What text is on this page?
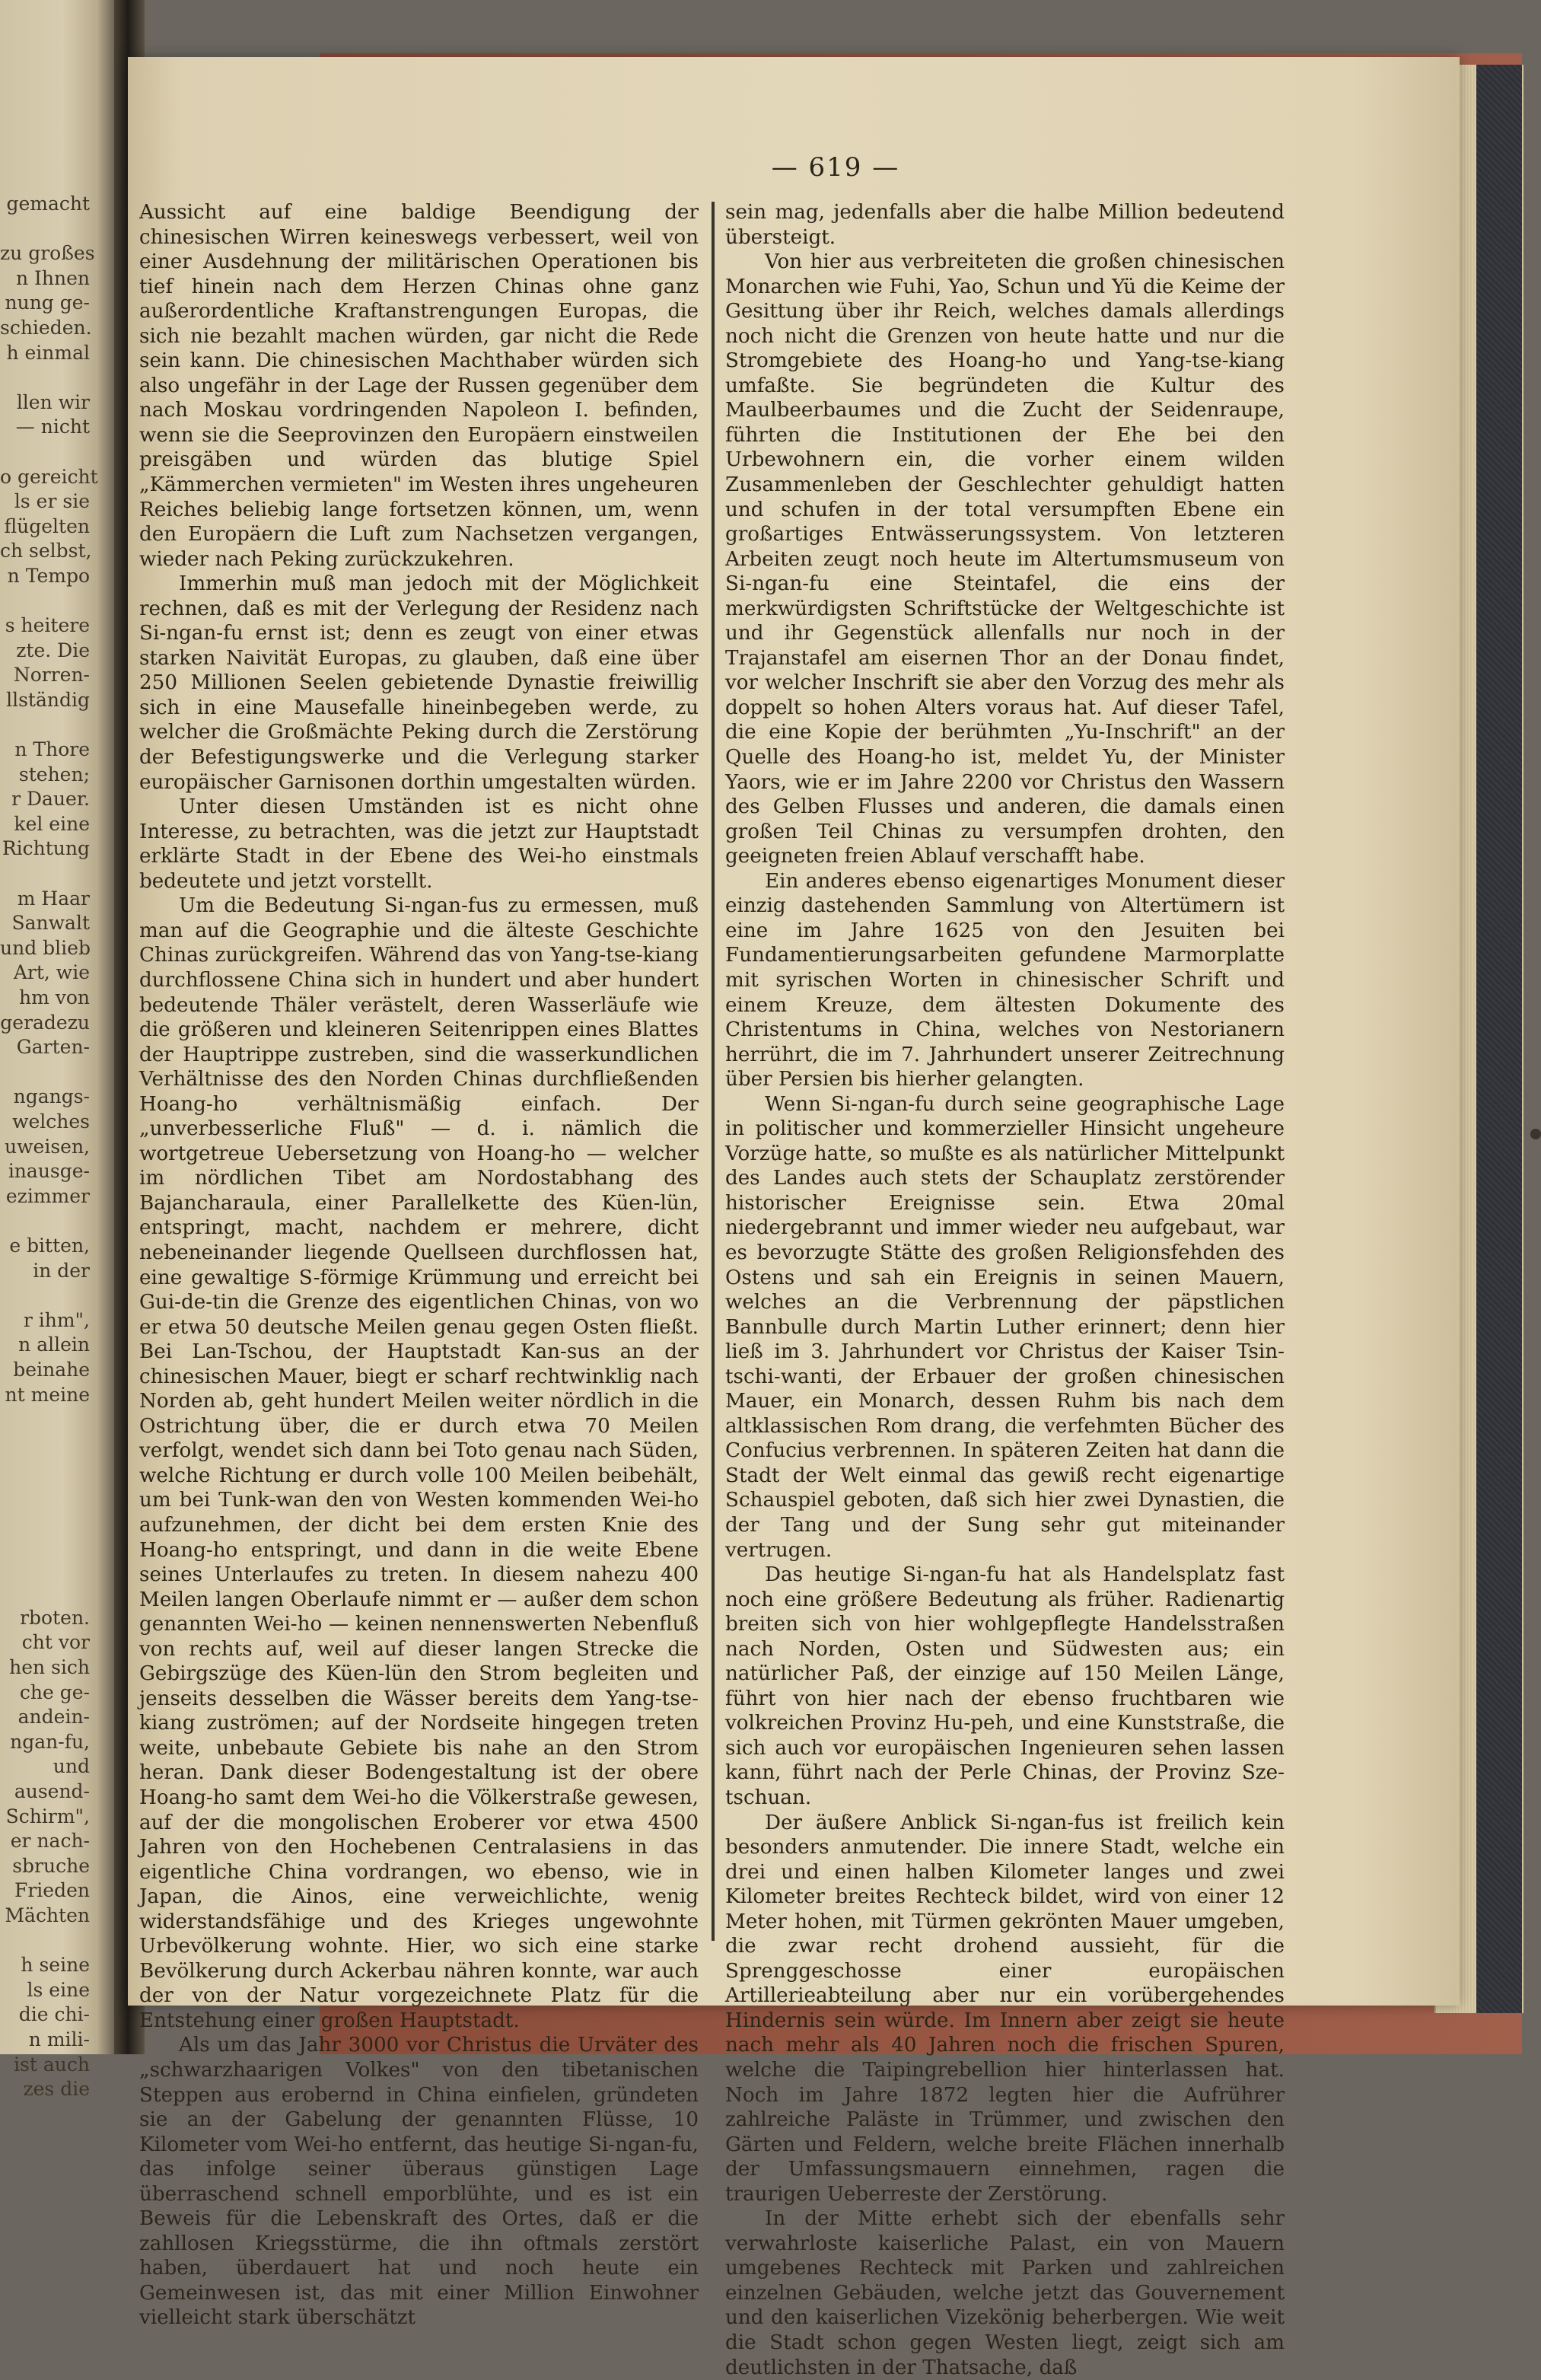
gemacht
zu großes
n Ihnen
nung ge-
schieden.
h einmal
llen wir
— nicht
o gereicht
ls er sie
flügelten
ch selbst,
n Tempo
s heitere
zte. Die
Norren-
llständig
n Thore
stehen;
r Dauer.
kel eine
Richtung
m Haar
Sanwalt
und blieb
Art, wie
hm von
geradezu
Garten-
ngangs-
welches
uweisen,
inausge-
ezimmer
e bitten,
in der
r ihm",
n allein
beinahe
nt meine
rboten.
cht vor
hen sich
che ge-
andein-
ngan-fu,
und
ausend-
Schirm",
er nach-
sbruche
Frieden
Mächten
h seine
ls eine
die chi-
n mili-
ist auch
zes die
— 619 —

Aussicht auf eine baldige Beendigung der chinesischen Wirren keineswegs verbessert, weil von einer Ausdehnung der militärischen Operationen bis tief hinein nach dem Herzen Chinas ohne ganz außerordentliche Kraftanstrengungen Europas, die sich nie bezahlt machen würden, gar nicht die Rede sein kann. Die chinesischen Machthaber würden sich also ungefähr in der Lage der Russen gegenüber dem nach Moskau vordringenden Napoleon I. befinden, wenn sie die Seeprovinzen den Europäern einstweilen preisgäben und würden das blutige Spiel „Kämmerchen vermieten" im Westen ihres ungeheuren Reiches beliebig lange fortsetzen können, um, wenn den Europäern die Luft zum Nachsetzen vergangen, wieder nach Peking zurückzukehren.

Immerhin muß man jedoch mit der Möglichkeit rechnen, daß es mit der Verlegung der Residenz nach Si-ngan-fu ernst ist; denn es zeugt von einer etwas starken Naivität Europas, zu glauben, daß eine über 250 Millionen Seelen gebietende Dynastie freiwillig sich in eine Mausefalle hineinbegeben werde, zu welcher die Großmächte Peking durch die Zerstörung der Befestigungswerke und die Verlegung starker europäischer Garnisonen dorthin umgestalten würden.

Unter diesen Umständen ist es nicht ohne Interesse, zu betrachten, was die jetzt zur Hauptstadt erklärte Stadt in der Ebene des Wei-ho einstmals bedeutete und jetzt vorstellt.

Um die Bedeutung Si-ngan-fus zu ermessen, muß man auf die Geographie und die älteste Geschichte Chinas zurückgreifen. Während das von Yang-tse-kiang durchflossene China sich in hundert und aber hundert bedeutende Thäler verästelt, deren Wasserläufe wie die größeren und kleineren Seitenrippen eines Blattes der Hauptrippe zustreben, sind die wasserkundlichen Verhältnisse des den Norden Chinas durchfließenden Hoang-ho verhältnismäßig einfach. Der „unverbesserliche Fluß" — d. i. nämlich die wortgetreue Uebersetzung von Hoang-ho — welcher im nördlichen Tibet am Nordostabhang des Bajancharaula, einer Parallelkette des Küen-lün, entspringt, macht, nachdem er mehrere, dicht nebeneinander liegende Quellseen durchflossen hat, eine gewaltige S-förmige Krümmung und erreicht bei Gui-de-tin die Grenze des eigentlichen Chinas, von wo er etwa 50 deutsche Meilen genau gegen Osten fließt. Bei Lan-Tschou, der Hauptstadt Kan-sus an der chinesischen Mauer, biegt er scharf rechtwinklig nach Norden ab, geht hundert Meilen weiter nördlich in die Ostrichtung über, die er durch etwa 70 Meilen verfolgt, wendet sich dann bei Toto genau nach Süden, welche Richtung er durch volle 100 Meilen beibehält, um bei Tunk-wan den von Westen kommenden Wei-ho aufzunehmen, der dicht bei dem ersten Knie des Hoang-ho entspringt, und dann in die weite Ebene seines Unterlaufes zu treten. In diesem nahezu 400 Meilen langen Oberlaufe nimmt er — außer dem schon genannten Wei-ho — keinen nennenswerten Nebenfluß von rechts auf, weil auf dieser langen Strecke die Gebirgszüge des Küen-lün den Strom begleiten und jenseits desselben die Wässer bereits dem Yang-tse-kiang zuströmen; auf der Nordseite hingegen treten weite, unbebaute Gebiete bis nahe an den Strom heran. Dank dieser Bodengestaltung ist der obere Hoang-ho samt dem Wei-ho die Völkerstraße gewesen, auf der die mongolischen Eroberer vor etwa 4500 Jahren von den Hochebenen Centralasiens in das eigentliche China vordrangen, wo ebenso, wie in Japan, die Ainos, eine verweichlichte, wenig widerstandsfähige und des Krieges ungewohnte Urbevölkerung wohnte. Hier, wo sich eine starke Bevölkerung durch Ackerbau nähren konnte, war auch der von der Natur vorgezeichnete Platz für die Entstehung einer großen Hauptstadt.

Als um das Jahr 3000 vor Christus die Urväter des „schwarzhaarigen Volkes" von den tibetanischen Steppen aus erobernd in China einfielen, gründeten sie an der Gabelung der genannten Flüsse, 10 Kilometer vom Wei-ho entfernt, das heutige Si-ngan-fu, das infolge seiner überaus günstigen Lage überraschend schnell emporblühte, und es ist ein Beweis für die Lebenskraft des Ortes, daß er die zahllosen Kriegsstürme, die ihn oftmals zerstört haben, überdauert hat und noch heute ein Gemeinwesen ist, das mit einer Million Einwohner vielleicht stark überschätzt

sein mag, jedenfalls aber die halbe Million bedeutend übersteigt.

Von hier aus verbreiteten die großen chinesischen Monarchen wie Fuhi, Yao, Schun und Yü die Keime der Gesittung über ihr Reich, welches damals allerdings noch nicht die Grenzen von heute hatte und nur die Stromgebiete des Hoang-ho und Yang-tse-kiang umfaßte. Sie begründeten die Kultur des Maulbeerbaumes und die Zucht der Seidenraupe, führten die Institutionen der Ehe bei den Urbewohnern ein, die vorher einem wilden Zusammenleben der Geschlechter gehuldigt hatten und schufen in der total versumpften Ebene ein großartiges Entwässerungssystem. Von letzteren Arbeiten zeugt noch heute im Altertumsmuseum von Si-ngan-fu eine Steintafel, die eins der merkwürdigsten Schriftstücke der Weltgeschichte ist und ihr Gegenstück allenfalls nur noch in der Trajanstafel am eisernen Thor an der Donau findet, vor welcher Inschrift sie aber den Vorzug des mehr als doppelt so hohen Alters voraus hat. Auf dieser Tafel, die eine Kopie der berühmten „Yu-Inschrift" an der Quelle des Hoang-ho ist, meldet Yu, der Minister Yaors, wie er im Jahre 2200 vor Christus den Wassern des Gelben Flusses und anderen, die damals einen großen Teil Chinas zu versumpfen drohten, den geeigneten freien Ablauf verschafft habe.

Ein anderes ebenso eigenartiges Monument dieser einzig dastehenden Sammlung von Altertümern ist eine im Jahre 1625 von den Jesuiten bei Fundamentierungsarbeiten gefundene Marmorplatte mit syrischen Worten in chinesischer Schrift und einem Kreuze, dem ältesten Dokumente des Christentums in China, welches von Nestorianern herrührt, die im 7. Jahrhundert unserer Zeitrechnung über Persien bis hierher gelangten.

Wenn Si-ngan-fu durch seine geographische Lage in politischer und kommerzieller Hinsicht ungeheure Vorzüge hatte, so mußte es als natürlicher Mittelpunkt des Landes auch stets der Schauplatz zerstörender historischer Ereignisse sein. Etwa 20mal niedergebrannt und immer wieder neu aufgebaut, war es bevorzugte Stätte des großen Religionsfehden des Ostens und sah ein Ereignis in seinen Mauern, welches an die Verbrennung der päpstlichen Bannbulle durch Martin Luther erinnert; denn hier ließ im 3. Jahrhundert vor Christus der Kaiser Tsin-tschi-wanti, der Erbauer der großen chinesischen Mauer, ein Monarch, dessen Ruhm bis nach dem altklassischen Rom drang, die verfehmten Bücher des Confucius verbrennen. In späteren Zeiten hat dann die Stadt der Welt einmal das gewiß recht eigenartige Schauspiel geboten, daß sich hier zwei Dynastien, die der Tang und der Sung sehr gut miteinander vertrugen.

Das heutige Si-ngan-fu hat als Handelsplatz fast noch eine größere Bedeutung als früher. Radienartig breiten sich von hier wohlgepflegte Handelsstraßen nach Norden, Osten und Südwesten aus; ein natürlicher Paß, der einzige auf 150 Meilen Länge, führt von hier nach der ebenso fruchtbaren wie volkreichen Provinz Hu-peh, und eine Kunststraße, die sich auch vor europäischen Ingenieuren sehen lassen kann, führt nach der Perle Chinas, der Provinz Sze-tschuan.

Der äußere Anblick Si-ngan-fus ist freilich kein besonders anmutender. Die innere Stadt, welche ein drei und einen halben Kilometer langes und zwei Kilometer breites Rechteck bildet, wird von einer 12 Meter hohen, mit Türmen gekrönten Mauer umgeben, die zwar recht drohend aussieht, für die Sprenggeschosse einer europäischen Artillerieabteilung aber nur ein vorübergehendes Hindernis sein würde. Im Innern aber zeigt sie heute nach mehr als 40 Jahren noch die frischen Spuren, welche die Taipingrebellion hier hinterlassen hat. Noch im Jahre 1872 legten hier die Aufrührer zahlreiche Paläste in Trümmer, und zwischen den Gärten und Feldern, welche breite Flächen innerhalb der Umfassungsmauern einnehmen, ragen die traurigen Ueberreste der Zerstörung.

In der Mitte erhebt sich der ebenfalls sehr verwahrloste kaiserliche Palast, ein von Mauern umgebenes Rechteck mit Parken und zahlreichen einzelnen Gebäuden, welche jetzt das Gouvernement und den kaiserlichen Vizekönig beherbergen. Wie weit die Stadt schon gegen Westen liegt, zeigt sich am deutlichsten in der Thatsache, daß
